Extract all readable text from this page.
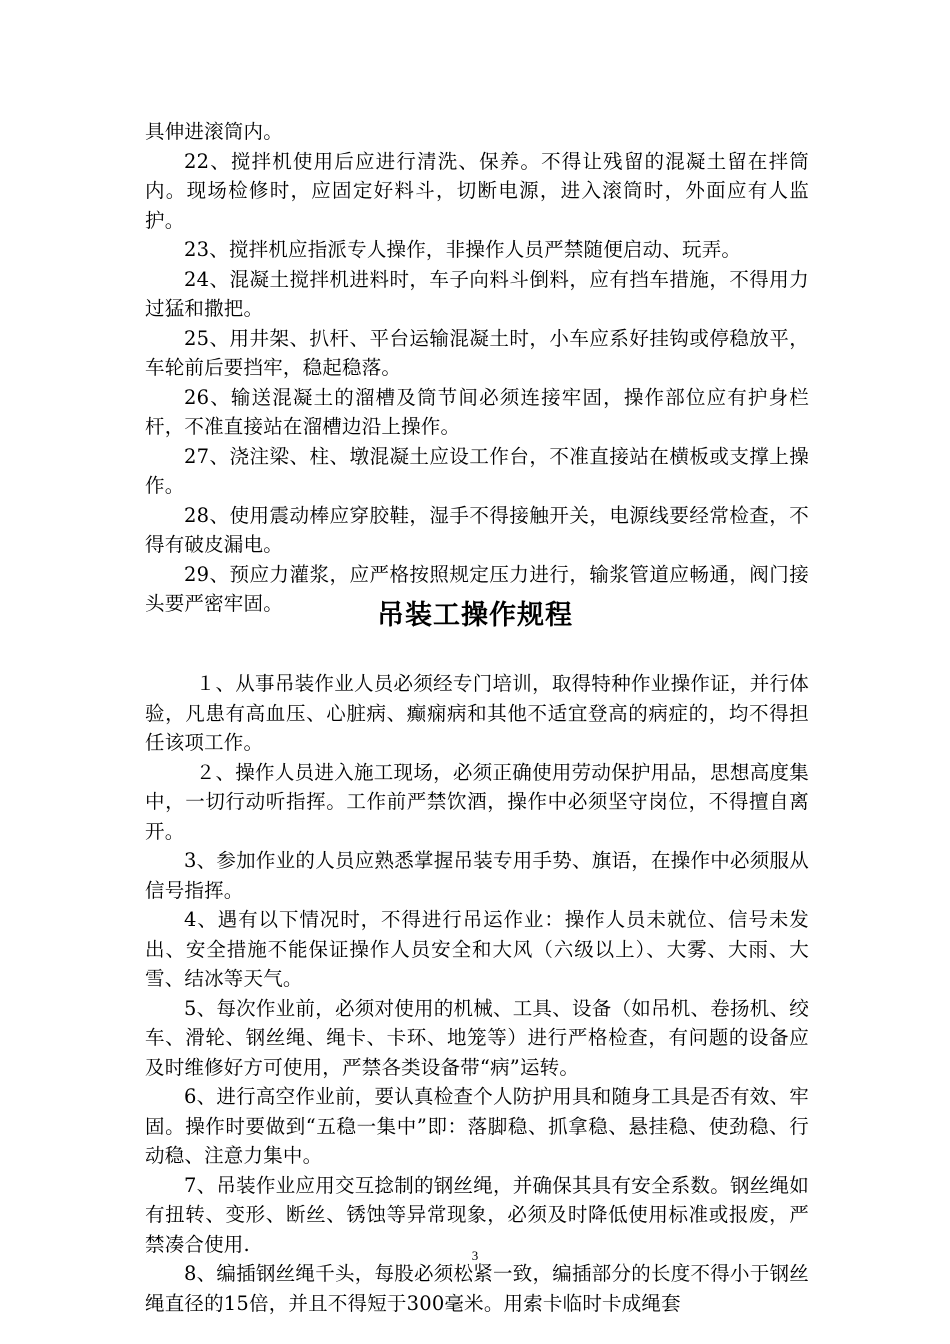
具伸进滚筒内。

22、搅拌机使用后应进行清洗、保养。不得让残留的混凝土留在拌筒内。现场检修时，应固定好料斗，切断电源，进入滚筒时，外面应有人监护。

23、搅拌机应指派专人操作，非操作人员严禁随便启动、玩弄。

24、混凝土搅拌机进料时，车子向料斗倒料，应有挡车措施，不得用力过猛和撒把。

25、用井架、扒杆、平台运输混凝土时，小车应系好挂钩或停稳放平，车轮前后要挡牢，稳起稳落。

26、输送混凝土的溜槽及筒节间必须连接牢固，操作部位应有护身栏杆，不准直接站在溜槽边沿上操作。

27、浇注梁、柱、墩混凝土应设工作台，不准直接站在横板或支撑上操作。

28、使用震动棒应穿胶鞋，湿手不得接触开关，电源线要经常检查，不得有破皮漏电。

29、预应力灌浆，应严格按照规定压力进行，输浆管道应畅通，阀门接头要严密牢固。	吊装工操作规程

１、从事吊装作业人员必须经专门培训，取得特种作业操作证，并行体验，凡患有高血压、心脏病、癫痫病和其他不适宜登高的病症的，均不得担任该项工作。

２、操作人员进入施工现场，必须正确使用劳动保护用品，思想高度集中，一切行动听指挥。工作前严禁饮酒，操作中必须坚守岗位，不得擅自离开。

3、参加作业的人员应熟悉掌握吊装专用手势、旗语，在操作中必须服从信号指挥。

4、遇有以下情况时，不得进行吊运作业：操作人员未就位、信号未发出、安全措施不能保证操作人员安全和大风（六级以上）、大雾、大雨、大雪、结冰等天气。

5、每次作业前，必须对使用的机械、工具、设备（如吊机、卷扬机、绞车、滑轮、钢丝绳、绳卡、卡环、地笼等）进行严格检查，有问题的设备应及时维修好方可使用，严禁各类设备带“病”运转。

6、进行高空作业前，要认真检查个人防护用具和随身工具是否有效、牢固。操作时要做到“五稳一集中”即：落脚稳、抓拿稳、悬挂稳、使劲稳、行动稳、注意力集中。

7、吊装作业应用交互捻制的钢丝绳，并确保其具有安全系数。钢丝绳如有扭转、变形、断丝、锈蚀等异常现象，必须及时降低使用标准或报废，严禁凑合使用.

8、编插钢丝绳千头，每股必须松紧一致，编插部分的长度不得小于钢丝绳直径的15倍，并且不得短于300毫米。用索卡临时卡成绳套

3
